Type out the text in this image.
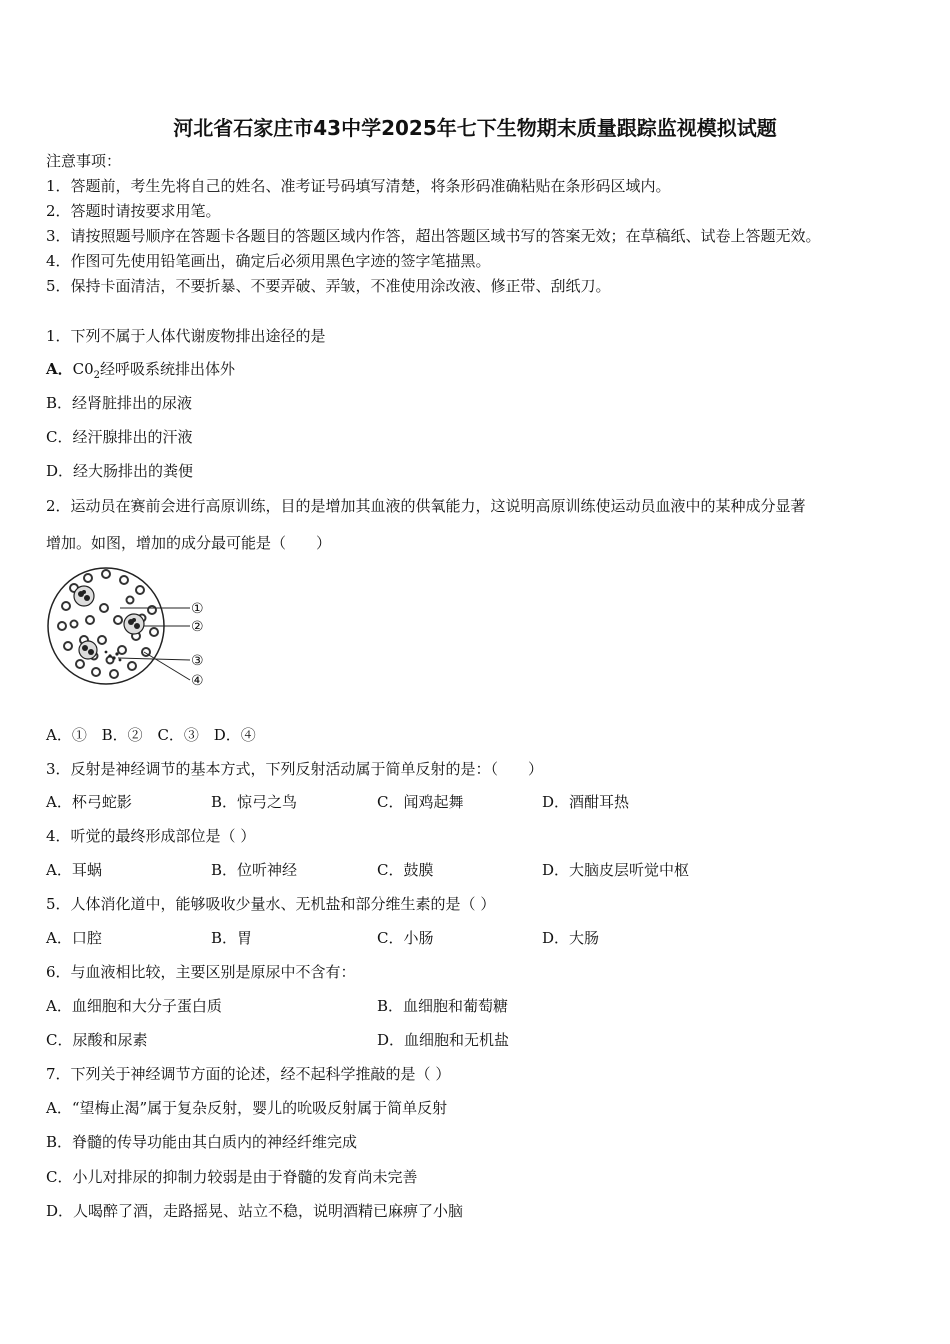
河北省石家庄市43中学2025年七下生物期末质量跟踪监视模拟试题
注意事项：
1．答题前，考生先将自己的姓名、准考证号码填写清楚，将条形码准确粘贴在条形码区域内。
2．答题时请按要求用笔。
3．请按照题号顺序在答题卡各题目的答题区域内作答，超出答题区域书写的答案无效；在草稿纸、试卷上答题无效。
4．作图可先使用铅笔画出，确定后必须用黑色字迹的签字笔描黑。
5．保持卡面清洁，不要折暴、不要弄破、弄皱，不准使用涂改液、修正带、刮纸刀。
1．下列不属于人体代谢废物排出途径的是
A．$C0_2$经呼吸系统排出体外
B．经肾脏排出的尿液
C．经汗腺排出的汗液
D．经大肠排出的粪便
2．运动员在赛前会进行高原训练，目的是增加其血液的供氧能力，这说明高原训练使运动员血液中的某种成分显著
增加。如图，增加的成分最可能是（　　）
①
②
③
④
A．① B．② C．③ D．④
3．反射是神经调节的基本方式，下列反射活动属于简单反射的是：（　　）
A．杯弓蛇影	B．惊弓之鸟	C．闻鸡起舞	D．酒酣耳热
4．听觉的最终形成部位是（ ）
A．耳蜗	B．位听神经	C．鼓膜	D．大脑皮层听觉中枢
5．人体消化道中，能够吸收少量水、无机盐和部分维生素的是（ ）
A．口腔	B．胃	C．小肠	D．大肠
6．与血液相比较，主要区别是原尿中不含有：
A．血细胞和大分子蛋白质	B．血细胞和葡萄糖
C．尿酸和尿素	D．血细胞和无机盐
7．下列关于神经调节方面的论述，经不起科学推敲的是（ ）
A．“望梅止渴”属于复杂反射，婴儿的吮吸反射属于简单反射
B．脊髓的传导功能由其白质内的神经纤维完成
C．小儿对排尿的抑制力较弱是由于脊髓的发育尚未完善
D．人喝醉了酒，走路摇晃、站立不稳，说明酒精已麻痹了小脑
